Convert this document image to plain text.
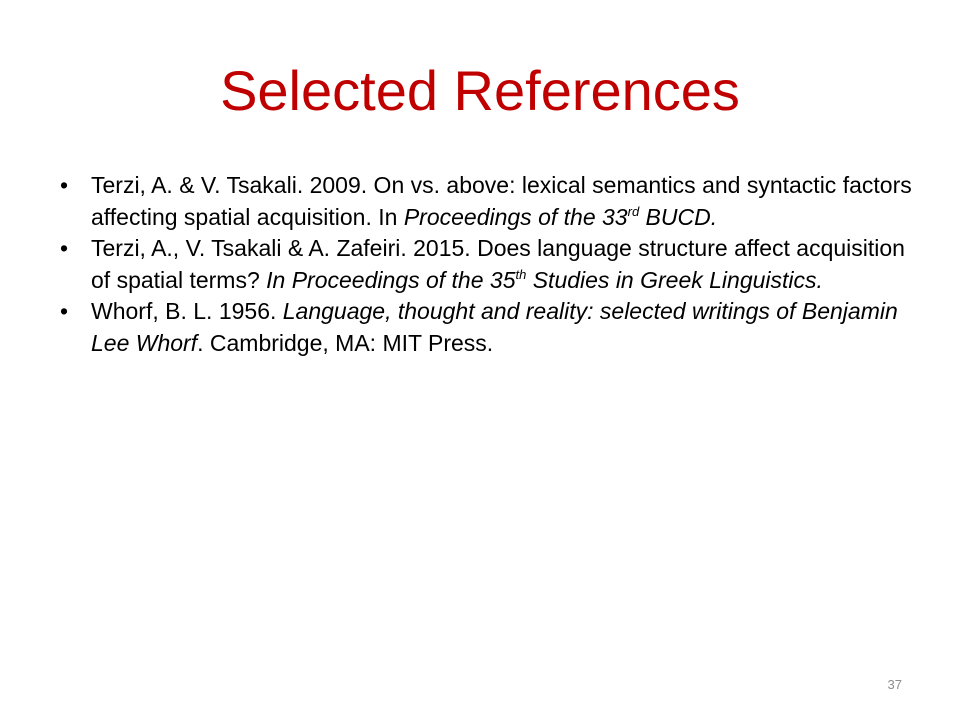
Selected References
• Terzi, A. & V. Tsakali. 2009. On vs. above: lexical semantics and syntactic factors affecting spatial acquisition. In Proceedings of the 33rd BUCD.
• Terzi, A., V. Tsakali & A. Zafeiri. 2015. Does language structure affect acquisition of spatial terms? In Proceedings of the 35th Studies in Greek Linguistics.
• Whorf, B. L. 1956. Language, thought and reality: selected writings of Benjamin Lee Whorf. Cambridge, MA: MIT Press.
37
